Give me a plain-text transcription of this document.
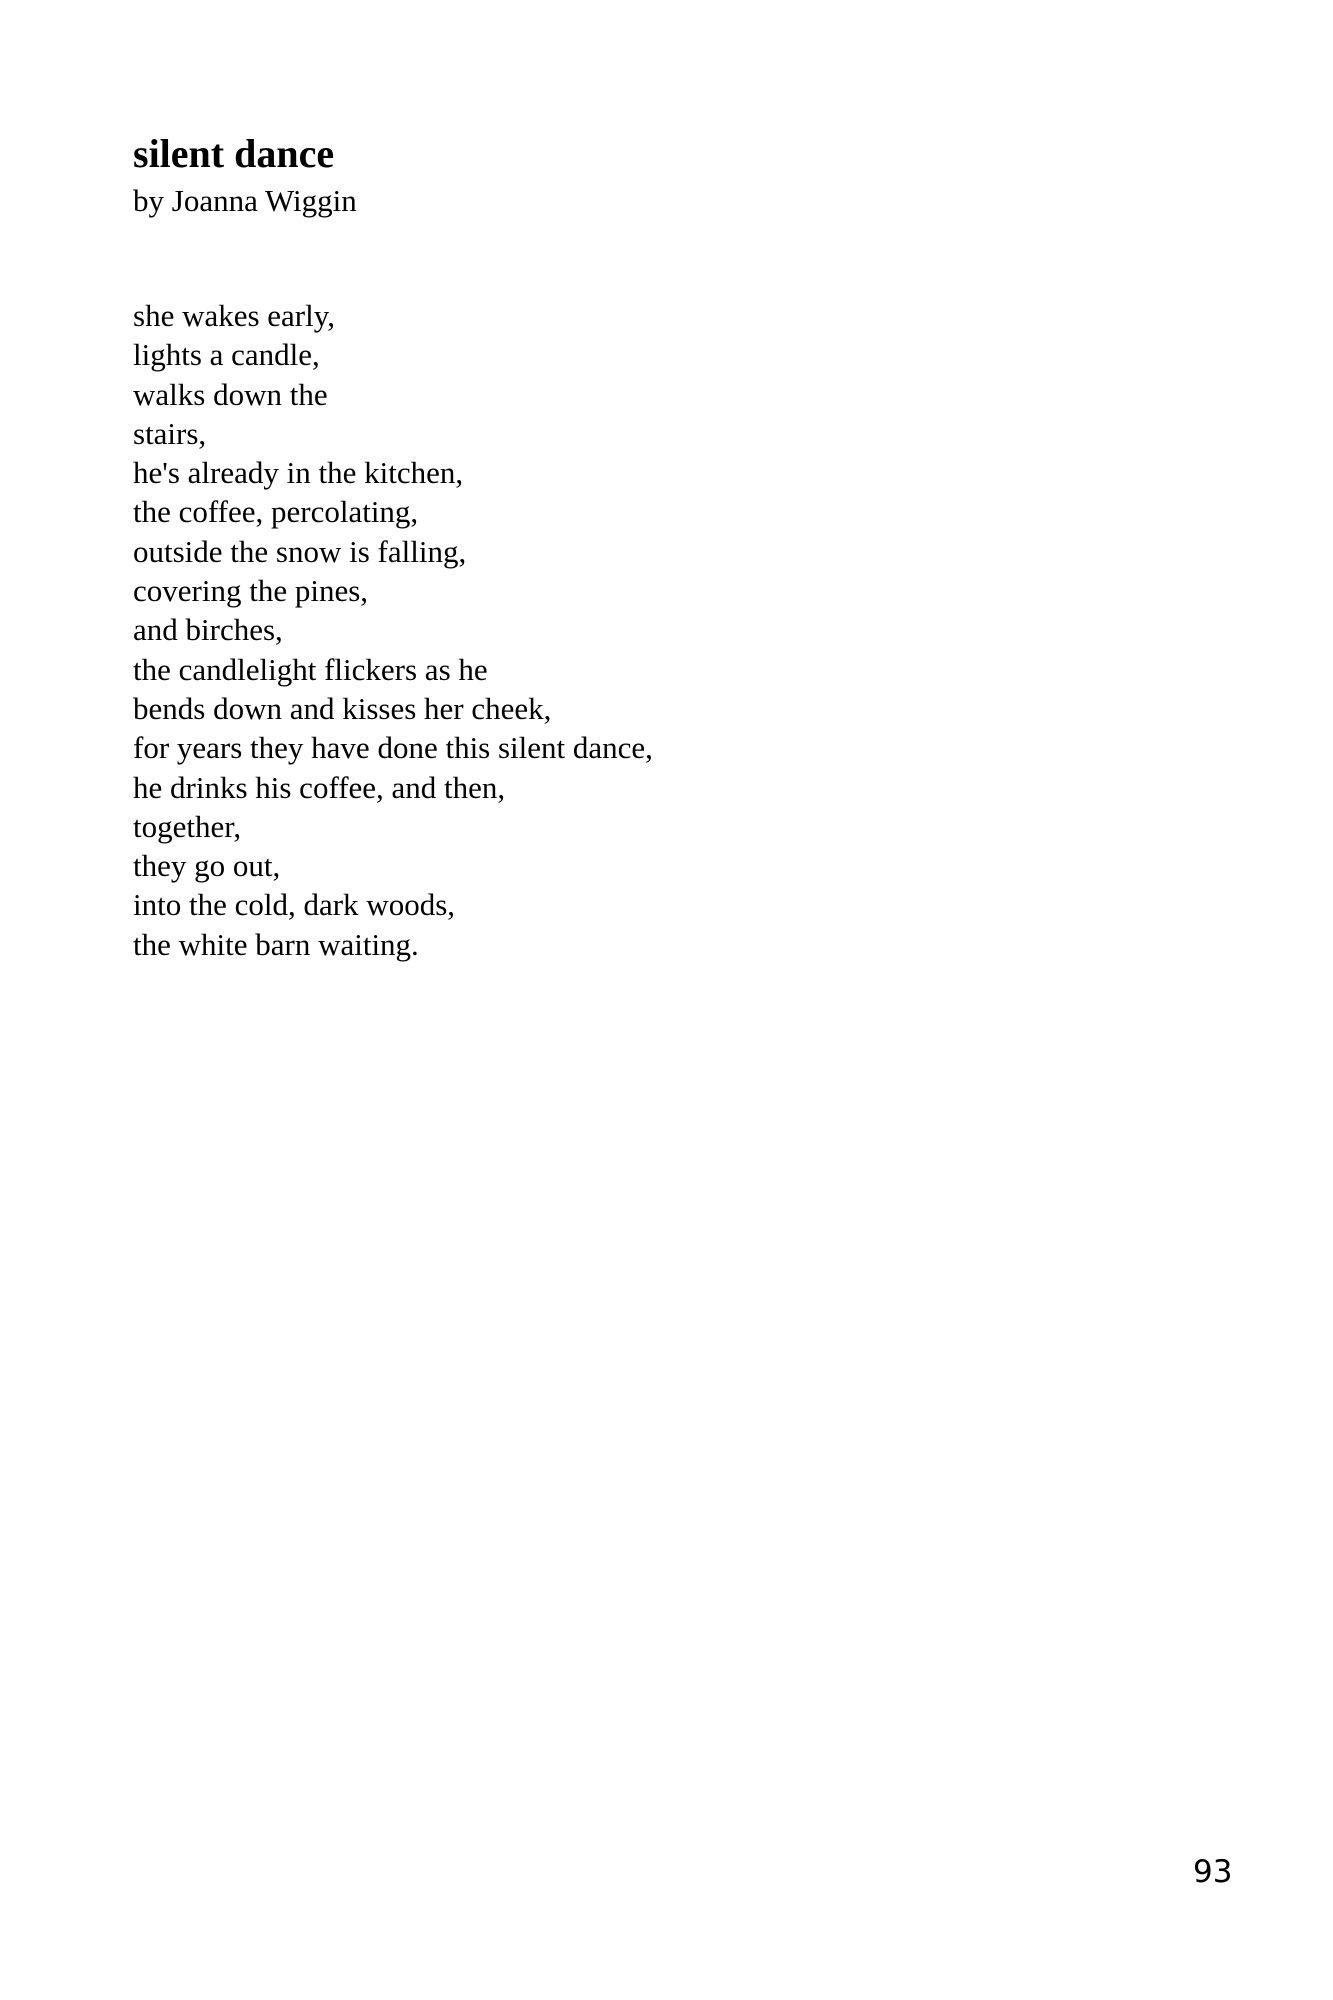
silent dance

by Joanna Wiggin

she wakes early,
lights a candle,
walks down the
stairs,
he's already in the kitchen,
the coffee, percolating,
outside the snow is falling,
covering the pines,
and birches,
the candlelight flickers as he
bends down and kisses her cheek,
for years they have done this silent dance,
he drinks his coffee, and then,
together,
they go out,
into the cold, dark woods,
the white barn waiting.
93
